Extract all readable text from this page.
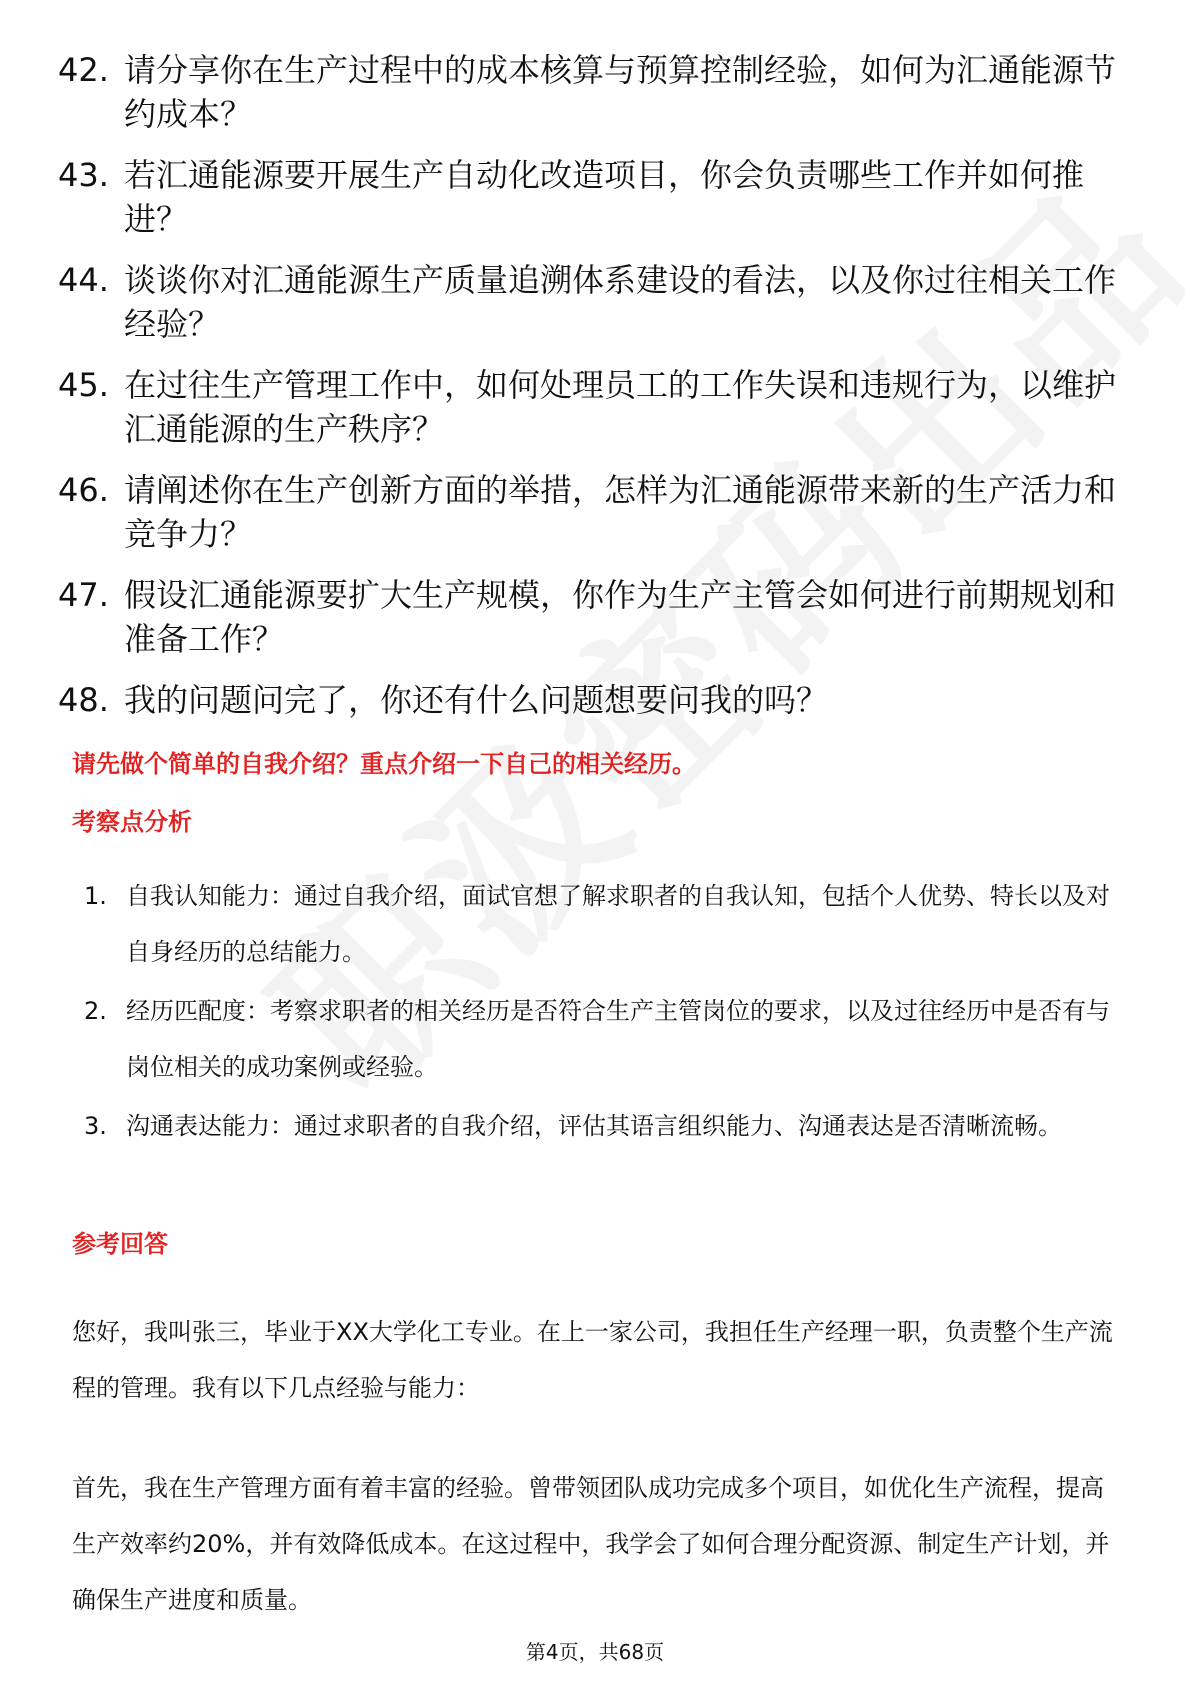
42. 请分享你在生产过程中的成本核算与预算控制经验，如何为汇通能源节约成本？
43. 若汇通能源要开展生产自动化改造项目，你会负责哪些工作并如何推进？
44. 谈谈你对汇通能源生产质量追溯体系建设的看法，以及你过往相关工作经验？
45. 在过往生产管理工作中，如何处理员工的工作失误和违规行为，以维护汇通能源的生产秩序？
46. 请阐述你在生产创新方面的举措，怎样为汇通能源带来新的生产活力和竞争力？
47. 假设汇通能源要扩大生产规模，你作为生产主管会如何进行前期规划和准备工作？
48. 我的问题问完了，你还有什么问题想要问我的吗？
请先做个简单的自我介绍？重点介绍一下自己的相关经历。
考察点分析
1. 自我认知能力：通过自我介绍，面试官想了解求职者的自我认知，包括个人优势、特长以及对自身经历的总结能力。
2. 经历匹配度：考察求职者的相关经历是否符合生产主管岗位的要求，以及过往经历中是否有与岗位相关的成功案例或经验。
3. 沟通表达能力：通过求职者的自我介绍，评估其语言组织能力、沟通表达是否清晰流畅。
参考回答

您好，我叫张三，毕业于XX大学化工专业。在上一家公司，我担任生产经理一职，负责整个生产流程的管理。我有以下几点经验与能力：

首先，我在生产管理方面有着丰富的经验。曾带领团队成功完成多个项目，如优化生产流程，提高生产效率约20%，并有效降低成本。在这过程中，我学会了如何合理分配资源、制定生产计划，并确保生产进度和质量。

第4页，共68页
